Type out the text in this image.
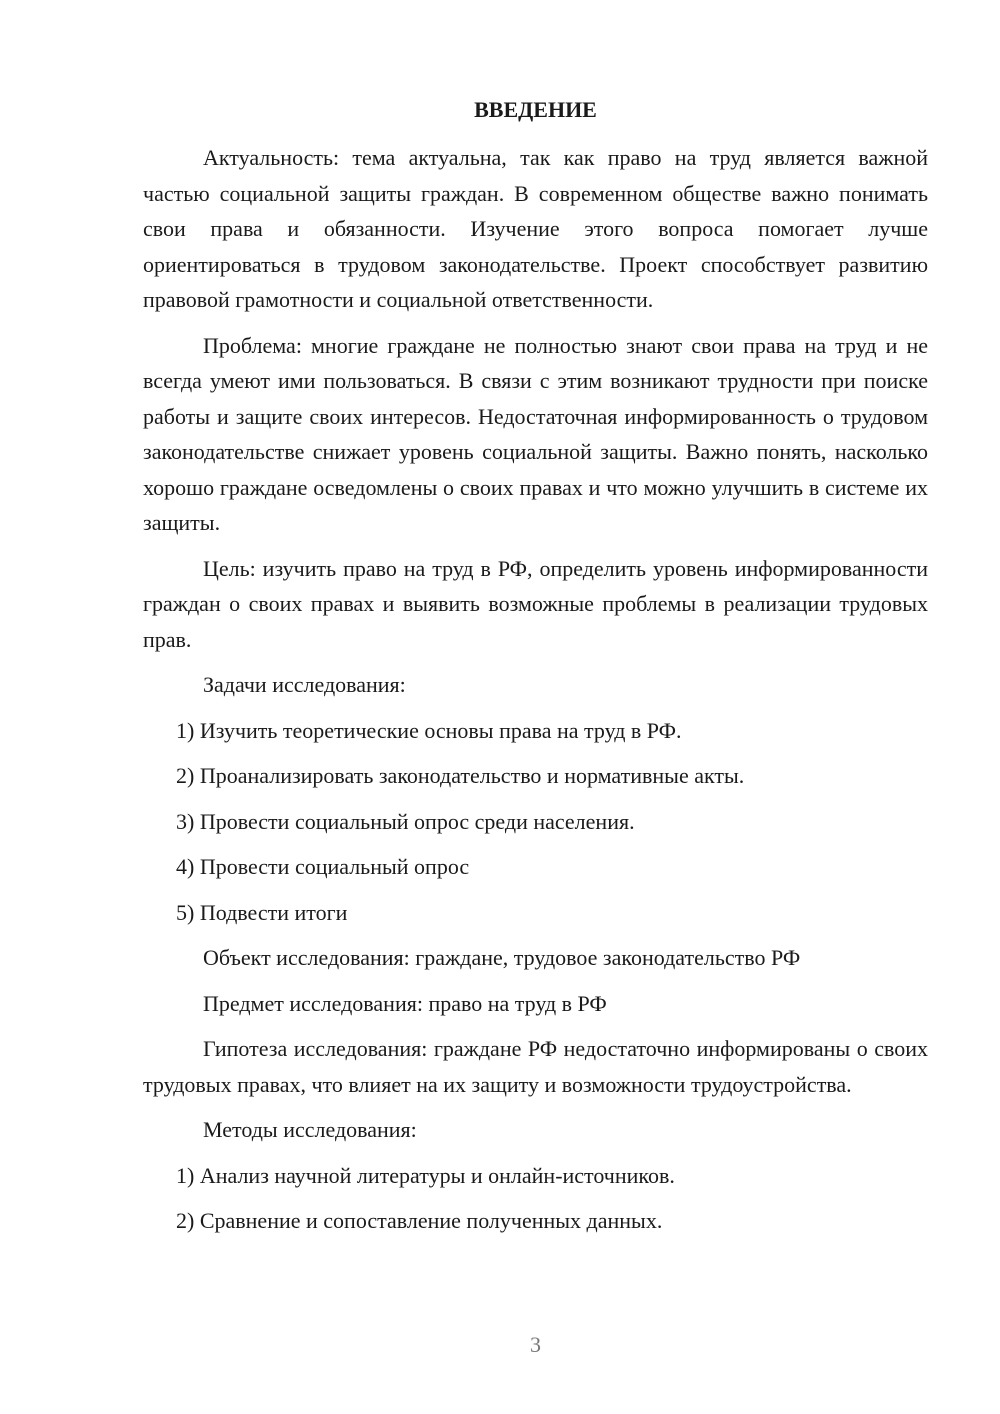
ВВЕДЕНИЕ

Актуальность: тема актуальна, так как право на труд является важной частью социальной защиты граждан. В современном обществе важно понимать свои права и обязанности. Изучение этого вопроса помогает лучше ориентироваться в трудовом законодательстве. Проект способствует развитию правовой грамотности и социальной ответственности.

Проблема: многие граждане не полностью знают свои права на труд и не всегда умеют ими пользоваться. В связи с этим возникают трудности при поиске работы и защите своих интересов. Недостаточная информированность о трудовом законодательстве снижает уровень социальной защиты. Важно понять, насколько хорошо граждане осведомлены о своих правах и что можно улучшить в системе их защиты.

Цель: изучить право на труд в РФ, определить уровень информированности граждан о своих правах и выявить возможные проблемы в реализации трудовых прав.

Задачи исследования:

1) Изучить теоретические основы права на труд в РФ.

2) Проанализировать законодательство и нормативные акты.

3) Провести социальный опрос среди населения.

4) Провести социальный опрос

5) Подвести итоги

Объект исследования: граждане, трудовое законодательство РФ

Предмет исследования: право на труд в РФ

Гипотеза исследования: граждане РФ недостаточно информированы о своих трудовых правах, что влияет на их защиту и возможности трудоустройства.

Методы исследования:

1) Анализ научной литературы и онлайн-источников.

2) Сравнение и сопоставление полученных данных.

3
